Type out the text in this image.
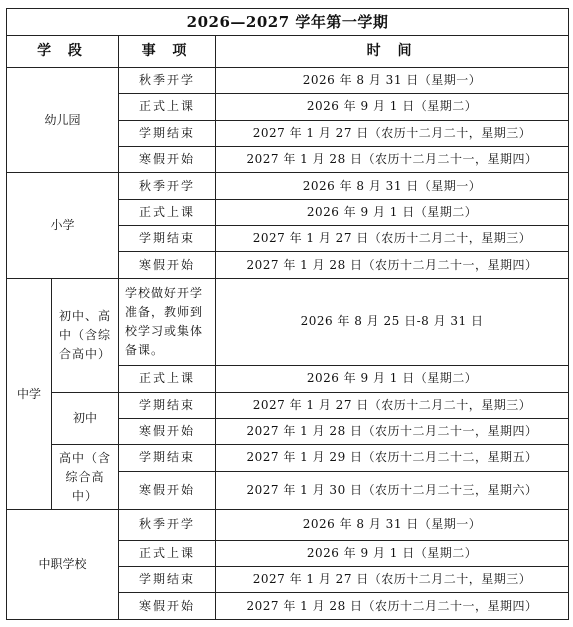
2026—2027 学年第一学期			
学 段		事 项	时 间
幼儿园		秋季开学	2026 年 8 月 31 日（星期一）
		正式上课	2026 年 9 月 1 日（星期二）
		学期结束	2027 年 1 月 27 日（农历十二月二十，星期三）
		寒假开始	2027 年 1 月 28 日（农历十二月二十一，星期四）
小学		秋季开学	2026 年 8 月 31 日（星期一）
		正式上课	2026 年 9 月 1 日（星期二）
		学期结束	2027 年 1 月 27 日（农历十二月二十，星期三）
		寒假开始	2027 年 1 月 28 日（农历十二月二十一，星期四）
中学	初中、高中（含综合高中）	学校做好开学准备，教师到校学习或集体备课。	2026 年 8 月 25 日-8 月 31 日
		正式上课	2026 年 9 月 1 日（星期二）
	初中	学期结束	2027 年 1 月 27 日（农历十二月二十，星期三）
		寒假开始	2027 年 1 月 28 日（农历十二月二十一，星期四）
	高中（含综合高中）	学期结束	2027 年 1 月 29 日（农历十二月二十二，星期五）
		寒假开始	2027 年 1 月 30 日（农历十二月二十三，星期六）
中职学校		秋季开学	2026 年 8 月 31 日（星期一）
		正式上课	2026 年 9 月 1 日（星期二）
		学期结束	2027 年 1 月 27 日（农历十二月二十，星期三）
		寒假开始	2027 年 1 月 28 日（农历十二月二十一，星期四）
